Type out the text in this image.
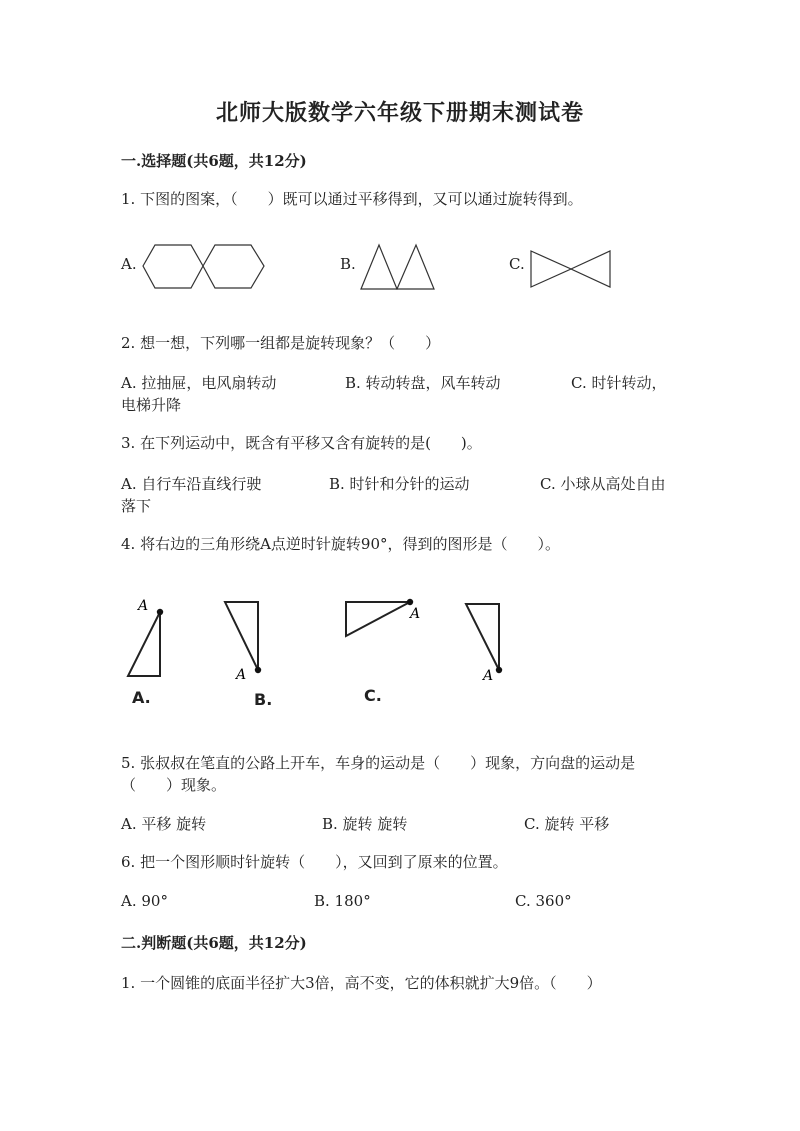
北师大版数学六年级下册期末测试卷
一.选择题(共6题，共12分)
1. 下图的图案，（　　）既可以通过平移得到，又可以通过旋转得到。
A.	B.	C.
2. 想一想，下列哪一组都是旋转现象？（　　）
A. 拉抽屉，电风扇转动	B. 转动转盘，风车转动	C. 时针转动，
电梯升降
3. 在下列运动中，既含有平移又含有旋转的是(　　)。
A. 自行车沿直线行驶	B. 时针和分针的运动	C. 小球从高处自由
落下
4. 将右边的三角形绕A点逆时针旋转90°，得到的图形是（　　）。
A
A.
A
B.
A
C.
A
5. 张叔叔在笔直的公路上开车，车身的运动是（　　）现象，方向盘的运动是
（　　）现象。
A. 平移 旋转	B. 旋转 旋转	C. 旋转 平移
6. 把一个图形顺时针旋转（　　），又回到了原来的位置。
A. 90°	B. 180°	C. 360°
二.判断题(共6题，共12分)
1. 一个圆锥的底面半径扩大3倍，高不变，它的体积就扩大9倍。（　　）
